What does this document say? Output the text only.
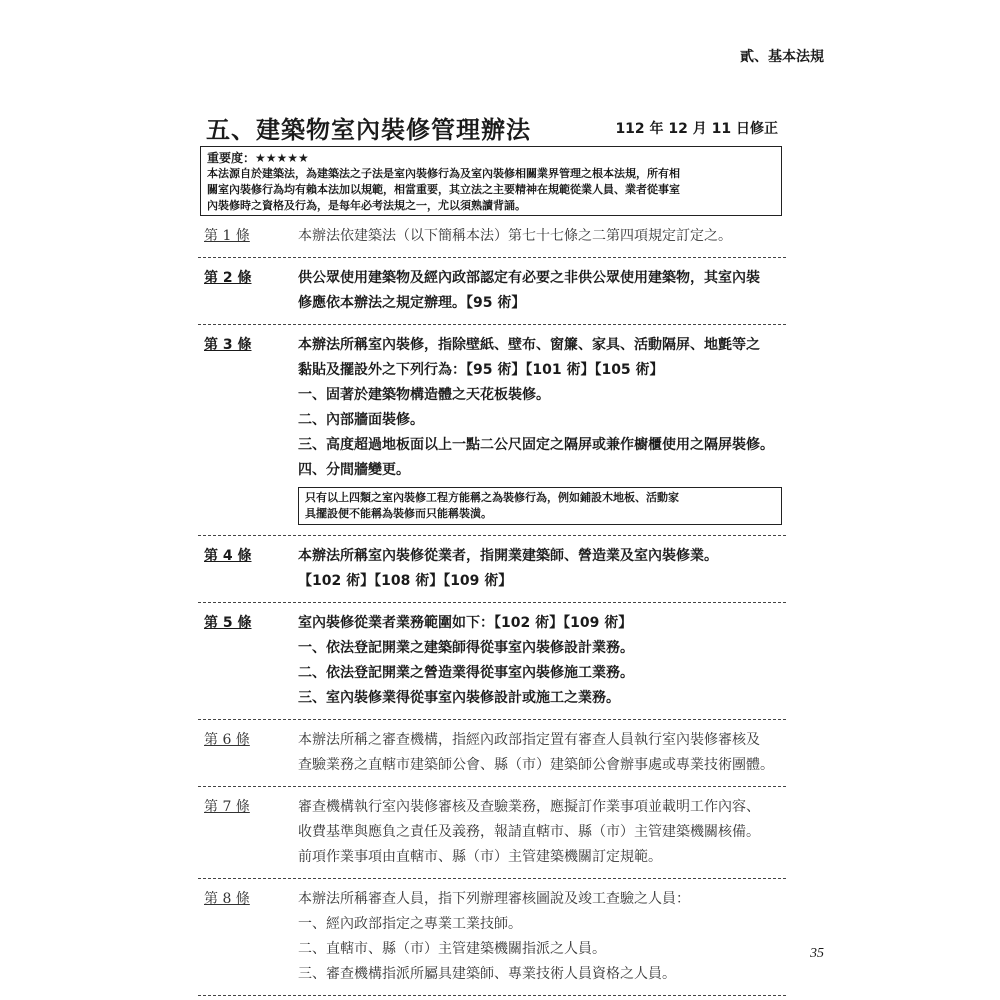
貳、基本法規
五、建築物室內裝修管理辦法	112 年 12 月 11 日修正
重要度：★★★★★
本法源自於建築法，為建築法之子法是室內裝修行為及室內裝修相關業界管理之根本法規，所有相
關室內裝修行為均有賴本法加以規範，相當重要，其立法之主要精神在規範從業人員、業者從事室
內裝修時之資格及行為，是每年必考法規之一，尤以須熟讀背誦。
第 1 條	本辦法依建築法（以下簡稱本法）第七十七條之二第四項規定訂定之。
第 2 條	供公眾使用建築物及經內政部認定有必要之非供公眾使用建築物，其室內裝
修應依本辦法之規定辦理。【95 術】
第 3 條	本辦法所稱室內裝修，指除壁紙、壁布、窗簾、家具、活動隔屏、地氈等之
黏貼及擺設外之下列行為：【95 術】【101 術】【105 術】
一、固著於建築物構造體之天花板裝修。
二、內部牆面裝修。
三、高度超過地板面以上一點二公尺固定之隔屏或兼作櫥櫃使用之隔屏裝修。
四、分間牆變更。
只有以上四類之室內裝修工程方能稱之為裝修行為，例如鋪設木地板、活動家
具擺設便不能稱為裝修而只能稱裝潢。
第 4 條	本辦法所稱室內裝修從業者，指開業建築師、營造業及室內裝修業。
【102 術】【108 術】【109 術】
第 5 條	室內裝修從業者業務範圍如下：【102 術】【109 術】
一、依法登記開業之建築師得從事室內裝修設計業務。
二、依法登記開業之營造業得從事室內裝修施工業務。
三、室內裝修業得從事室內裝修設計或施工之業務。
第 6 條	本辦法所稱之審查機構，指經內政部指定置有審查人員執行室內裝修審核及
查驗業務之直轄市建築師公會、縣（市）建築師公會辦事處或專業技術團體。
第 7 條	審查機構執行室內裝修審核及查驗業務，應擬訂作業事項並載明工作內容、
收費基準與應負之責任及義務，報請直轄市、縣（市）主管建築機關核備。
前項作業事項由直轄市、縣（市）主管建築機關訂定規範。
第 8 條	本辦法所稱審查人員，指下列辦理審核圖說及竣工查驗之人員：
一、經內政部指定之專業工業技師。
二、直轄市、縣（市）主管建築機關指派之人員。
三、審查機構指派所屬具建築師、專業技術人員資格之人員。
35
